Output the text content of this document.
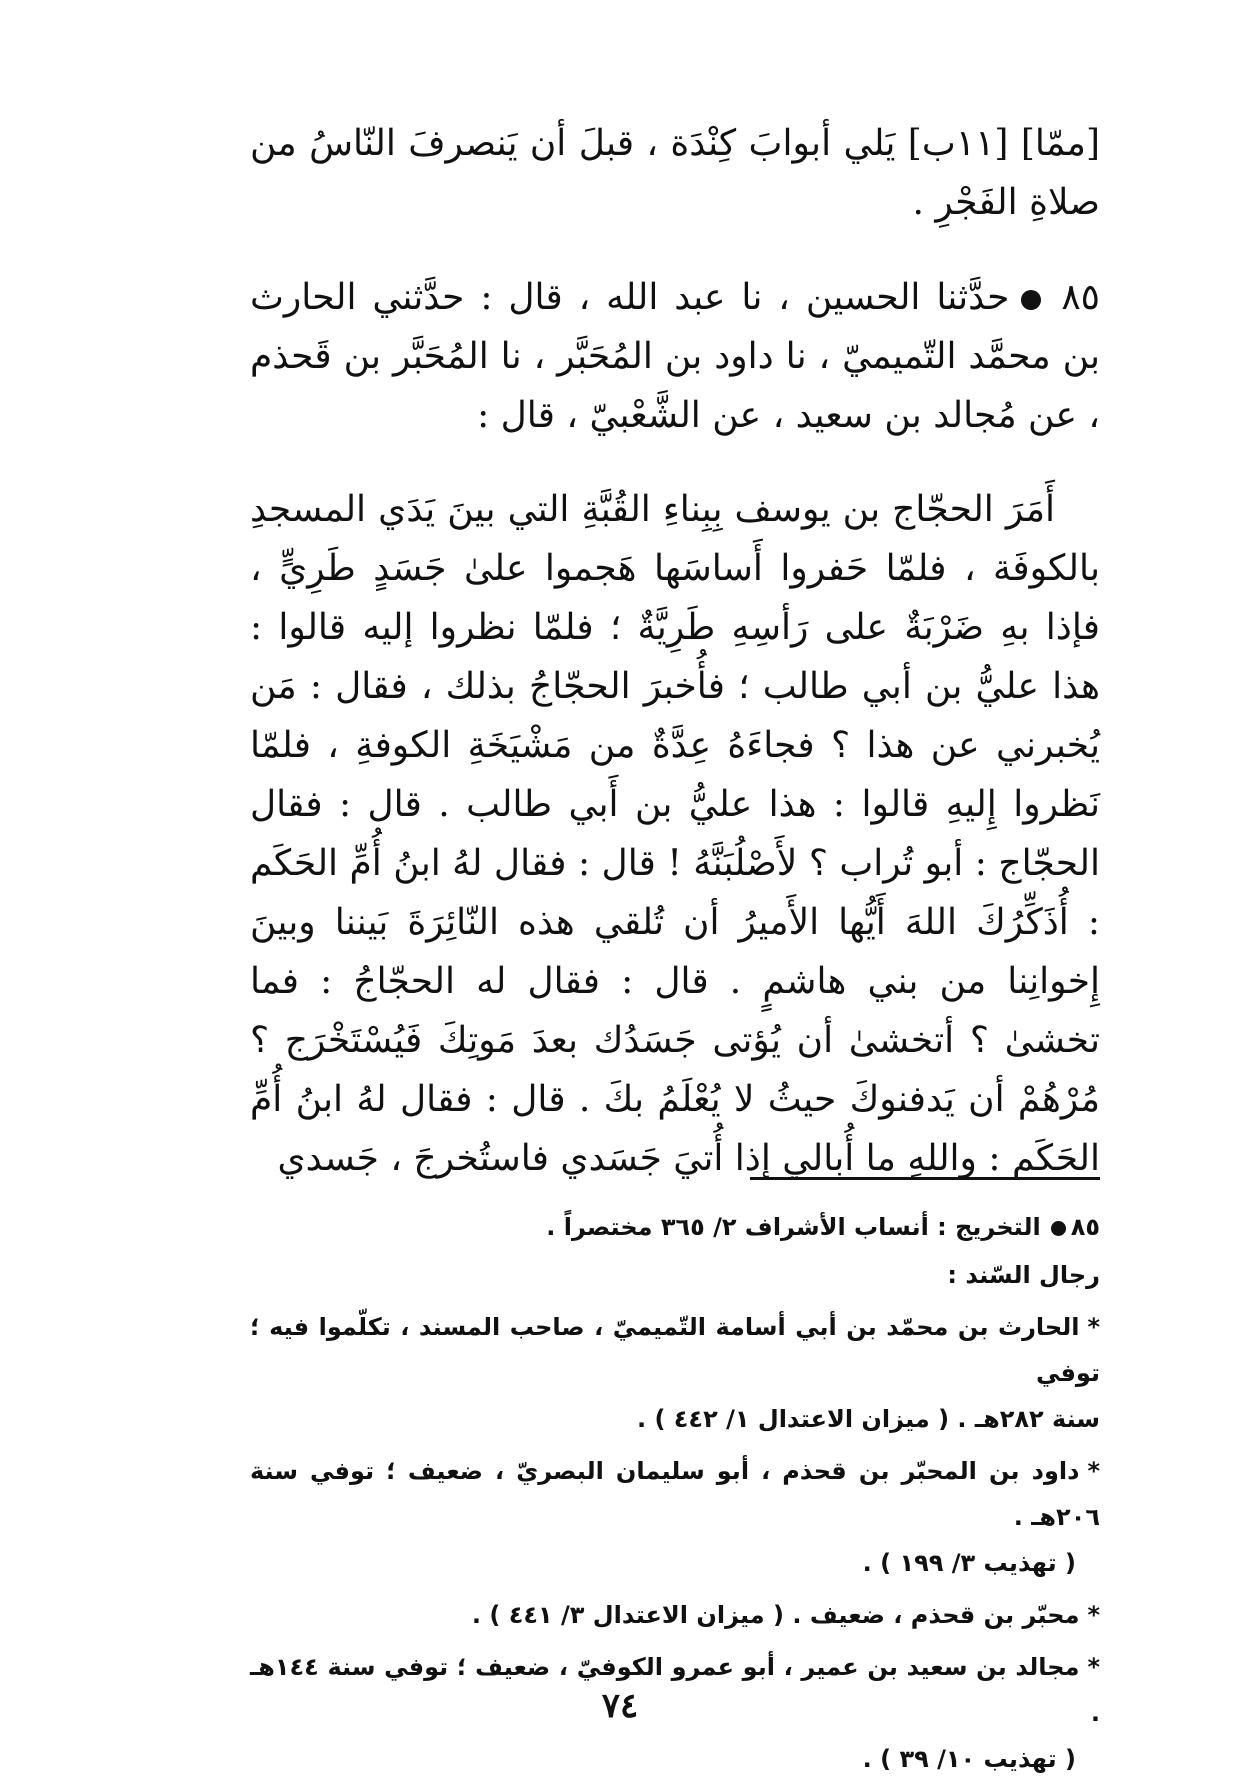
[ممّا] [١١ب] يَلي أبوابَ كِنْدَة ، قبلَ أن يَنصرفَ النّاسُ من صلاةِ الفَجْرِ .

٨٥حدَّثنا الحسين ، نا عبد الله ، قال : حدَّثني الحارث بن محمَّد التّميميّ ، نا داود بن المُحَبَّر ، نا المُحَبَّر بن قَحذم ، عن مُجالد بن سعيد ، عن الشَّعْبيّ ، قال :

أَمَرَ الحجّاج بن يوسف بِبِناءِ القُبَّةِ التي بينَ يَدَي المسجدِ بالكوفَة ، فلمّا حَفروا أَساسَها هَجموا علىٰ جَسَدٍ طَرِيٍّ ، فإذا بهِ ضَرْبَةٌ على رَأسِهِ طَرِيَّةٌ ؛ فلمّا نظروا إليه قالوا : هذا عليُّ بن أبي طالب ؛ فأُخبرَ الحجّاجُ بذلك ، فقال : مَن يُخبرني عن هذا ؟ فجاءَهُ عِدَّةٌ من مَشْيَخَةِ الكوفةِ ، فلمّا نَظروا إِليهِ قالوا : هذا عليُّ بن أَبي طالب . قال : فقال الحجّاج : أبو تُراب ؟ لأَصْلُبَنَّهُ ! قال : فقال لهُ ابنُ أُمِّ الحَكَم : أُذَكِّرُكَ اللهَ أَيُّها الأَميرُ أن تُلقي هذه النّائِرَةَ بَيننا وبينَ إِخوانِنا من بني هاشمٍ . قال : فقال له الحجّاجُ : فما تخشىٰ ؟ أتخشىٰ أن يُؤتى جَسَدُك بعدَ مَوتِكَ فَيُسْتَخْرَج ؟ مُرْهُمْ أن يَدفنوكَ حيثُ لا يُعْلَمُ بكَ . قال : فقال لهُ ابنُ أُمِّ الحَكَم : واللهِ ما أُبالي إذا أُتيَ جَسَدي فاستُخرجَ ، جَسدي

٨٥التخريج : أنساب الأشراف ٢/ ٣٦٥ مختصراً .

رجال السّند :

*الحارث بن محمّد بن أبي أسامة التّميميّ ، صاحب المسند ، تكلّموا فيه ؛ توفي
سنة ٢٨٢هـ . ( ميزان الاعتدال ١/ ٤٤٢ ) .
*داود بن المحبّر بن قحذم ، أبو سليمان البصريّ ، ضعيف ؛ توفي سنة ٢٠٦هـ .
( تهذيب ٣/ ١٩٩ ) .
*محبّر بن قحذم ، ضعيف . ( ميزان الاعتدال ٣/ ٤٤١ ) .
*مجالد بن سعيد بن عمير ، أبو عمرو الكوفيّ ، ضعيف ؛ توفي سنة ١٤٤هـ .
( تهذيب ١٠/ ٣٩ ) .
٧٤
